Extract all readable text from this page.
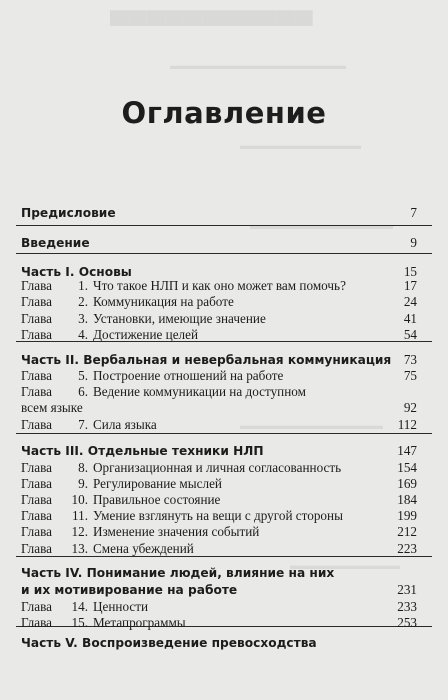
▀▀▀▀▀▀▀▀▀▀▀
▬▬▬▬▬▬▬▬▬▬▬▬▬▬▬▬
▬▬▬▬▬▬▬▬▬▬▬
▬▬▬▬▬▬▬▬▬▬▬▬▬
▬▬▬▬▬▬▬▬▬▬▬▬▬
▬▬▬▬▬▬▬▬▬▬
Оглавление
Предисловие	7
Введение	9
Часть I. Основы	15
Глава	1. Что такое НЛП и как оно может вам помочь?	17
Глава	2. Коммуникация на работе	24
Глава	3. Установки, имеющие значение	41
Глава	4. Достижение целей	54
Часть II. Вербальная и невербальная коммуникация 73
Глава	5. Построение отношений на работе	75
Глава	6. Ведение коммуникации на доступном
всем языке	92
Глава	7. Сила языка	112
Часть III. Отдельные техники НЛП	147
Глава	8. Организационная и личная согласованность	154
Глава	9. Регулирование мыслей	169
Глава	10. Правильное состояние	184
Глава	11. Умение взглянуть на вещи с другой стороны	199
Глава	12. Изменение значения событий	212
Глава	13. Смена убеждений	223
Часть IV. Понимание людей, влияние на них
и их мотивирование на работе	231
Глава	14. Ценности	233
Глава	15. Метапрограммы	253
Часть V. Воспроизведение превосходства
